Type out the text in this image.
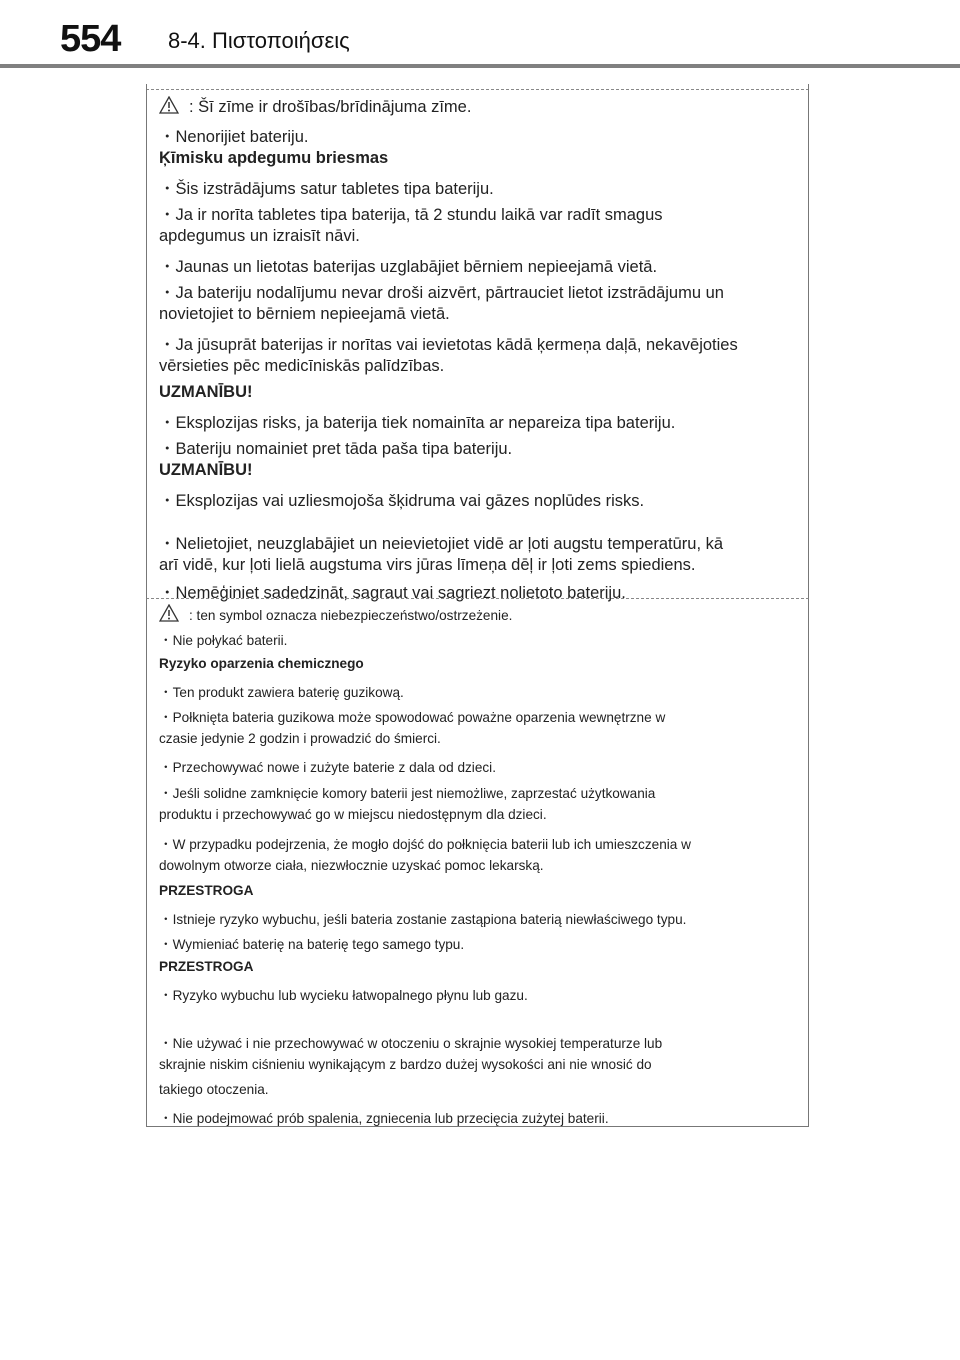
554 8-4. Πιστοποιήσεις
: Šī zīme ir drošības/brīdinājuma zīme.
・Nenorijiet bateriju.
Ķīmisku apdegumu briesmas
・Šis izstrādājums satur tabletes tipa bateriju.
・Ja ir norīta tabletes tipa baterija, tā 2 stundu laikā var radīt smagus
apdegumus un izraisīt nāvi.
・Jaunas un lietotas baterijas uzglabājiet bērniem nepieejamā vietā.
・Ja bateriju nodalījumu nevar droši aizvērt, pārtrauciet lietot izstrādājumu un
novietojiet to bērniem nepieejamā vietā.
・Ja jūsuprāt baterijas ir norītas vai ievietotas kādā ķermeņa daļā, nekavējoties
vērsieties pēc medicīniskās palīdzības.
UZMANĪBU!
・Eksplozijas risks, ja baterija tiek nomainīta ar nepareiza tipa bateriju.
・Bateriju nomainiet pret tāda paša tipa bateriju.
UZMANĪBU!
・Eksplozijas vai uzliesmojoša šķidruma vai gāzes noplūdes risks.
・Nelietojiet, neuzglabājiet un neievietojiet vidē ar ļoti augstu temperatūru, kā
arī vidē, kur ļoti lielā augstuma virs jūras līmeņa dēļ ir ļoti zems spiediens.
・Nemēģiniet sadedzināt, sagraut vai sagriezt nolietoto bateriju.
: ten symbol oznacza niebezpieczeństwo/ostrzeżenie.
・Nie połykać baterii.
Ryzyko oparzenia chemicznego
・Ten produkt zawiera baterię guzikową.
・Połknięta bateria guzikowa może spowodować poważne oparzenia wewnętrzne w
czasie jedynie 2 godzin i prowadzić do śmierci.
・Przechowywać nowe i zużyte baterie z dala od dzieci.
・Jeśli solidne zamknięcie komory baterii jest niemożliwe, zaprzestać użytkowania
produktu i przechowywać go w miejscu niedostępnym dla dzieci.
・W przypadku podejrzenia, że mogło dojść do połknięcia baterii lub ich umieszczenia w
dowolnym otworze ciała, niezwłocznie uzyskać pomoc lekarską.
PRZESTROGA
・Istnieje ryzyko wybuchu, jeśli bateria zostanie zastąpiona baterią niewłaściwego typu.
・Wymieniać baterię na baterię tego samego typu.
PRZESTROGA
・Ryzyko wybuchu lub wycieku łatwopalnego płynu lub gazu.
・Nie używać i nie przechowywać w otoczeniu o skrajnie wysokiej temperaturze lub
skrajnie niskim ciśnieniu wynikającym z bardzo dużej wysokości ani nie wnosić do
takiego otoczenia.
・Nie podejmować prób spalenia, zgniecenia lub przecięcia zużytej baterii.
